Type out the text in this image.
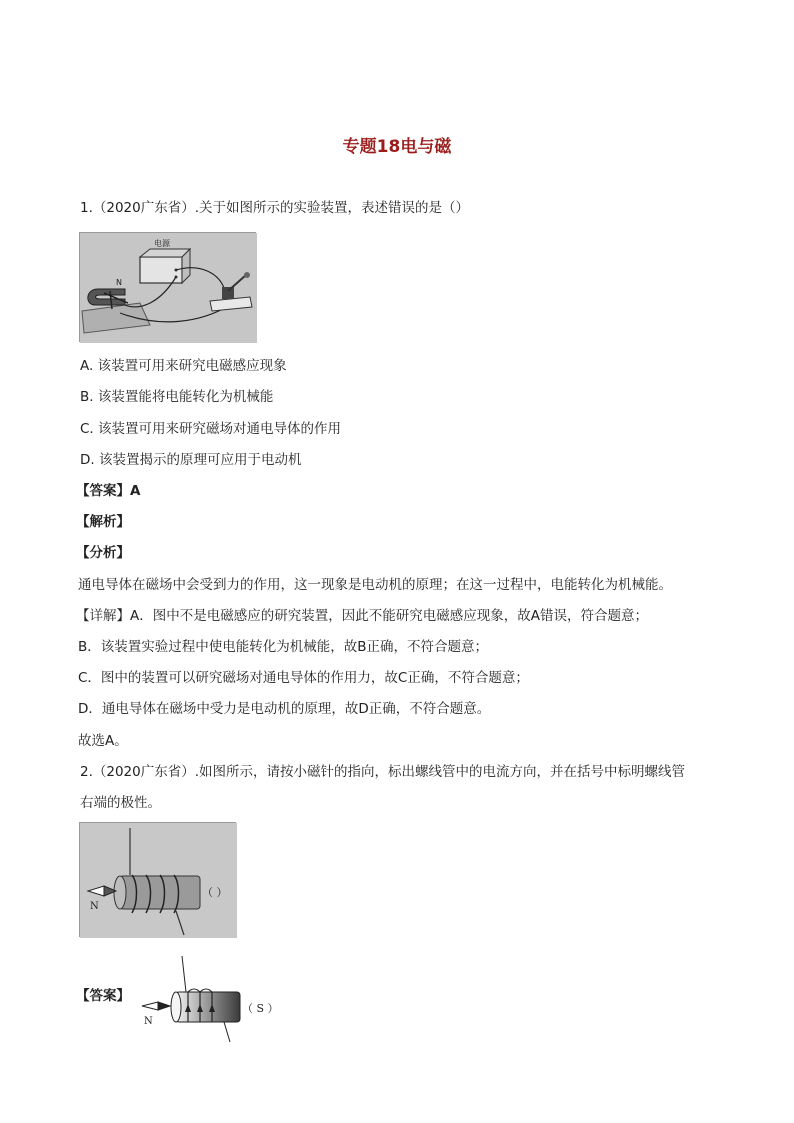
专题18电与磁
1.（2020广东省）.关于如图所示的实验装置，表述错误的是（）
电源
N
A. 该装置可用来研究电磁感应现象
B. 该装置能将电能转化为机械能
C. 该装置可用来研究磁场对通电导体的作用
D. 该装置揭示的原理可应用于电动机
【答案】A
【解析】
【分析】
通电导体在磁场中会受到力的作用，这一现象是电动机的原理；在这一过程中，电能转化为机械能。
【详解】A．图中不是电磁感应的研究装置，因此不能研究电磁感应现象，故A错误，符合题意；
B．该装置实验过程中使电能转化为机械能，故B正确，不符合题意；
C．图中的装置可以研究磁场对通电导体的作用力，故C正确，不符合题意；
D．通电导体在磁场中受力是电动机的原理，故D正确，不符合题意。
故选A。
2.（2020广东省）.如图所示，请按小磁针的指向，标出螺线管中的电流方向，并在括号中标明螺线管
右端的极性。
N
（ ）
【答案】
N
（ S ）
